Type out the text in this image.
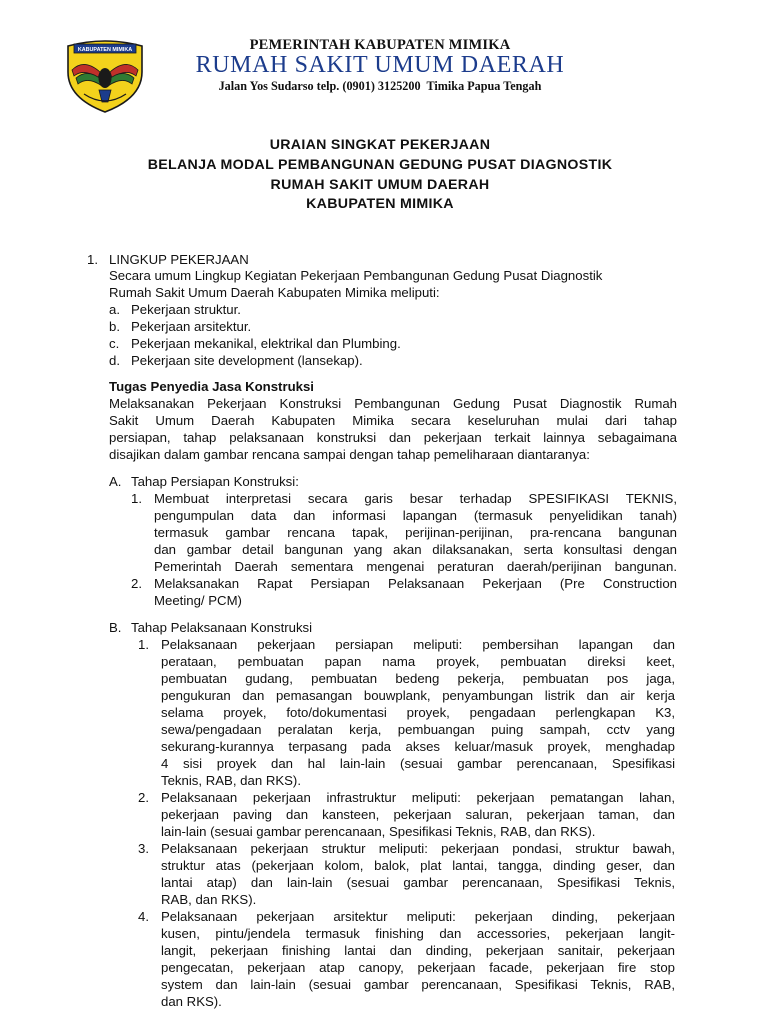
KABUPATEN MIMIKA	PEMERINTAH KABUPATEN MIMIKA
RUMAH SAKIT UMUM DAERAH
Jalan Yos Sudarso telp. (0901) 3125200  Timika Papua Tengah
URAIAN SINGKAT PEKERJAAN
BELANJA MODAL PEMBANGUNAN GEDUNG PUSAT DIAGNOSTIK
RUMAH SAKIT UMUM DAERAH
KABUPATEN MIMIKA
1. LINGKUP PEKERJAAN
Secara umum Lingkup Kegiatan Pekerjaan Pembangunan Gedung Pusat Diagnostik
Rumah Sakit Umum Daerah Kabupaten Mimika meliputi:
a. Pekerjaan struktur.
b. Pekerjaan arsitektur.
c. Pekerjaan mekanikal, elektrikal dan Plumbing.
d. Pekerjaan site development (lansekap).
Tugas Penyedia Jasa Konstruksi
Melaksanakan Pekerjaan Konstruksi Pembangunan Gedung Pusat Diagnostik Rumah
Sakit Umum Daerah Kabupaten Mimika secara keseluruhan mulai dari tahap
persiapan, tahap pelaksanaan konstruksi dan pekerjaan terkait lainnya sebagaimana
disajikan dalam gambar rencana sampai dengan tahap pemeliharaan diantaranya:
A. Tahap Persiapan Konstruksi:
1. Membuat interpretasi secara garis besar terhadap SPESIFIKASI TEKNIS,
pengumpulan data dan informasi lapangan (termasuk penyelidikan tanah)
termasuk gambar rencana tapak, perijinan-perijinan, pra-rencana bangunan
dan gambar detail bangunan yang akan dilaksanakan, serta konsultasi dengan
Pemerintah Daerah sementara mengenai peraturan daerah/perijinan bangunan.
2. Melaksanakan Rapat Persiapan Pelaksanaan Pekerjaan (Pre Construction
Meeting/ PCM)
B. Tahap Pelaksanaan Konstruksi
1. Pelaksanaan pekerjaan persiapan meliputi: pembersihan lapangan dan
perataan, pembuatan papan nama proyek, pembuatan direksi keet,
pembuatan gudang, pembuatan bedeng pekerja, pembuatan pos jaga,
pengukuran dan pemasangan bouwplank, penyambungan listrik dan air kerja
selama proyek, foto/dokumentasi proyek, pengadaan perlengkapan K3,
sewa/pengadaan peralatan kerja, pembuangan puing sampah, cctv yang
sekurang-kurannya terpasang pada akses keluar/masuk proyek, menghadap
4 sisi proyek dan hal lain-lain (sesuai gambar perencanaan, Spesifikasi
Teknis, RAB, dan RKS).
2. Pelaksanaan pekerjaan infrastruktur meliputi: pekerjaan pematangan lahan,
pekerjaan paving dan kansteen, pekerjaan saluran, pekerjaan taman, dan
lain-lain (sesuai gambar perencanaan, Spesifikasi Teknis, RAB, dan RKS).
3. Pelaksanaan pekerjaan struktur meliputi: pekerjaan pondasi, struktur bawah,
struktur atas (pekerjaan kolom, balok, plat lantai, tangga, dinding geser, dan
lantai atap) dan lain-lain (sesuai gambar perencanaan, Spesifikasi Teknis,
RAB, dan RKS).
4. Pelaksanaan pekerjaan arsitektur meliputi: pekerjaan dinding, pekerjaan
kusen, pintu/jendela termasuk finishing dan accessories, pekerjaan langit-
langit, pekerjaan finishing lantai dan dinding, pekerjaan sanitair, pekerjaan
pengecatan, pekerjaan atap canopy, pekerjaan facade, pekerjaan fire stop
system dan lain-lain (sesuai gambar perencanaan, Spesifikasi Teknis, RAB,
dan RKS).
